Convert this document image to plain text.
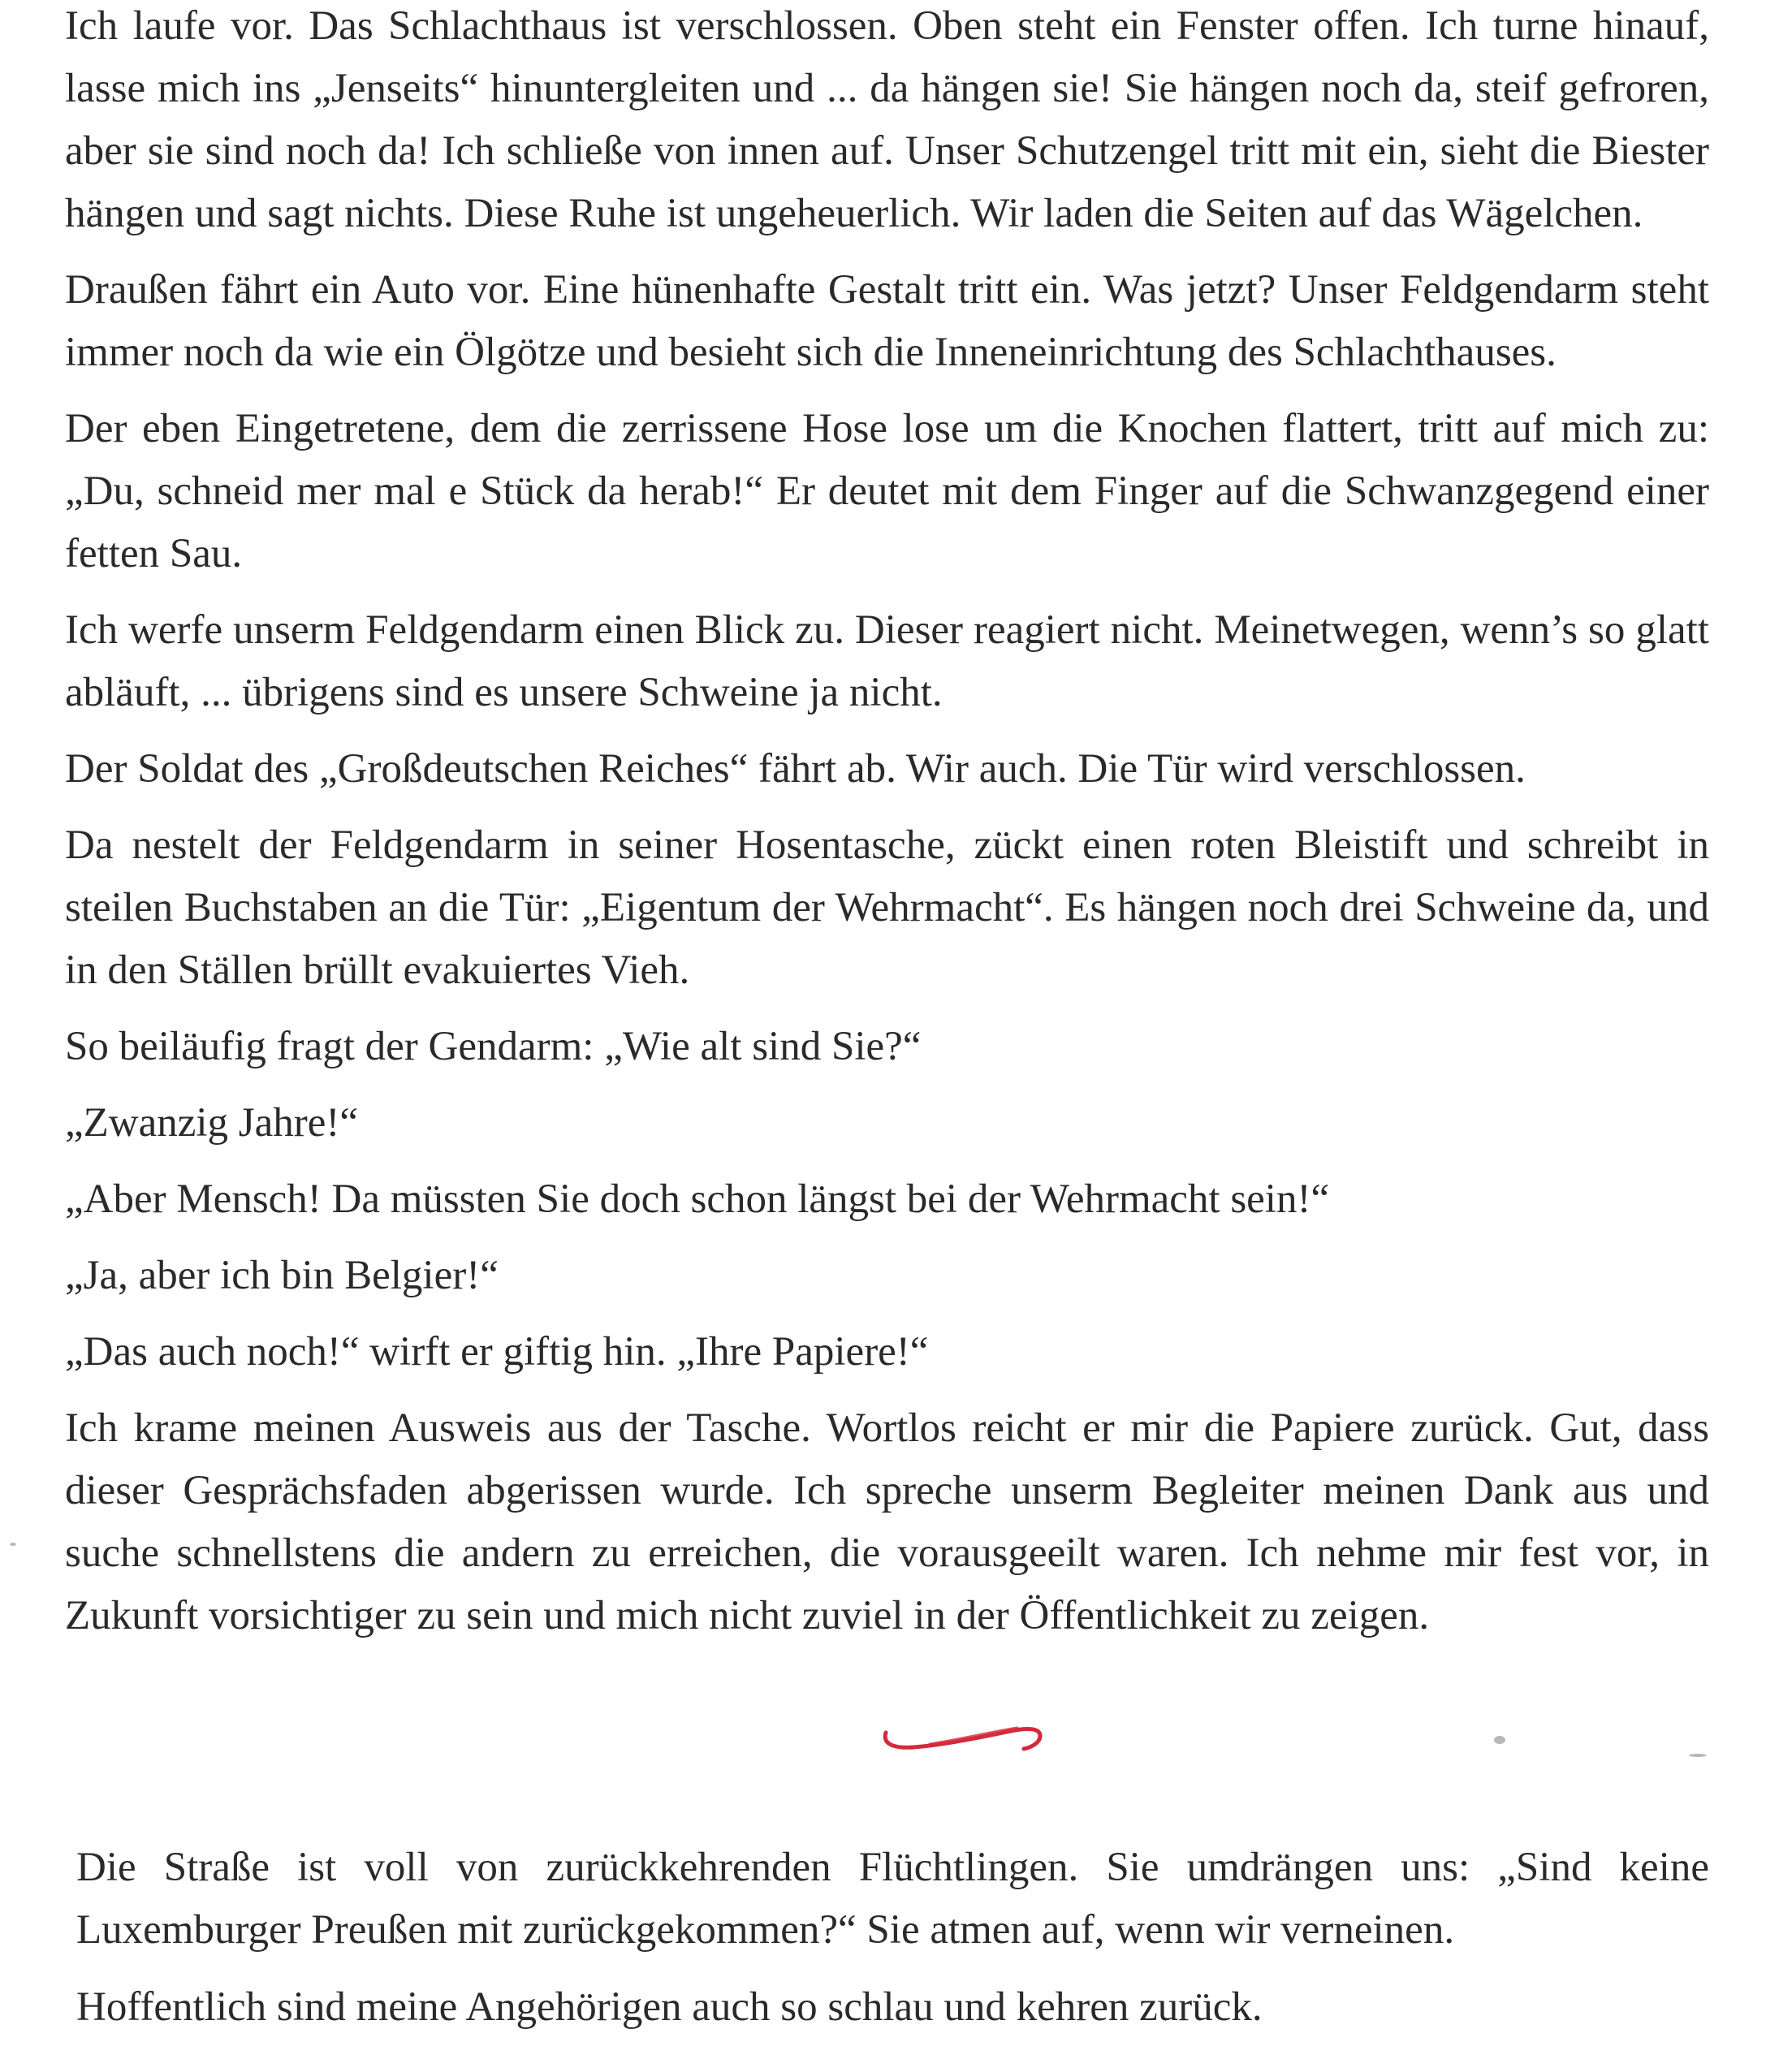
Ich laufe vor. Das Schlachthaus ist verschlossen. Oben steht ein Fenster offen. Ich turne hinauf, lasse mich ins „Jenseits“ hinuntergleiten und ... da hängen sie! Sie hängen noch da, steif gefroren, aber sie sind noch da! Ich schließe von innen auf. Unser Schutzengel tritt mit ein, sieht die Biester hängen und sagt nichts. Diese Ruhe ist ungeheuerlich. Wir laden die Seiten auf das Wägelchen.

Draußen fährt ein Auto vor. Eine hünenhafte Gestalt tritt ein. Was jetzt? Unser Feldgendarm steht immer noch da wie ein Ölgötze und besieht sich die Inneneinrichtung des Schlachthauses.

Der eben Eingetretene, dem die zerrissene Hose lose um die Knochen flattert, tritt auf mich zu: „Du, schneid mer mal e Stück da herab!“ Er deutet mit dem Finger auf die Schwanzgegend einer fetten Sau.

Ich werfe unserm Feldgendarm einen Blick zu. Dieser reagiert nicht. Meinetwegen, wenn’s so glatt abläuft, ... übrigens sind es unsere Schweine ja nicht.

Der Soldat des „Großdeutschen Reiches“ fährt ab. Wir auch. Die Tür wird verschlossen.

Da nestelt der Feldgendarm in seiner Hosentasche, zückt einen roten Bleistift und schreibt in steilen Buchstaben an die Tür: „Eigentum der Wehrmacht“. Es hängen noch drei Schweine da, und in den Ställen brüllt evakuiertes Vieh.

So beiläufig fragt der Gendarm: „Wie alt sind Sie?“

„Zwanzig Jahre!“

„Aber Mensch! Da müssten Sie doch schon längst bei der Wehrmacht sein!“

„Ja, aber ich bin Belgier!“

„Das auch noch!“ wirft er giftig hin. „Ihre Papiere!“

Ich krame meinen Ausweis aus der Tasche. Wortlos reicht er mir die Papiere zurück. Gut, dass dieser Gesprächsfaden abgerissen wurde. Ich spreche unserm Begleiter meinen Dank aus und suche schnellstens die andern zu erreichen, die vorausgeeilt waren. Ich nehme mir fest vor, in Zukunft vorsichtiger zu sein und mich nicht zuviel in der Öffentlichkeit zu zeigen.

Die Straße ist voll von zurückkehrenden Flüchtlingen. Sie umdrängen uns: „Sind keine Luxemburger Preußen mit zurückgekommen?“ Sie atmen auf, wenn wir verneinen.

Hoffentlich sind meine Angehörigen auch so schlau und kehren zurück.
